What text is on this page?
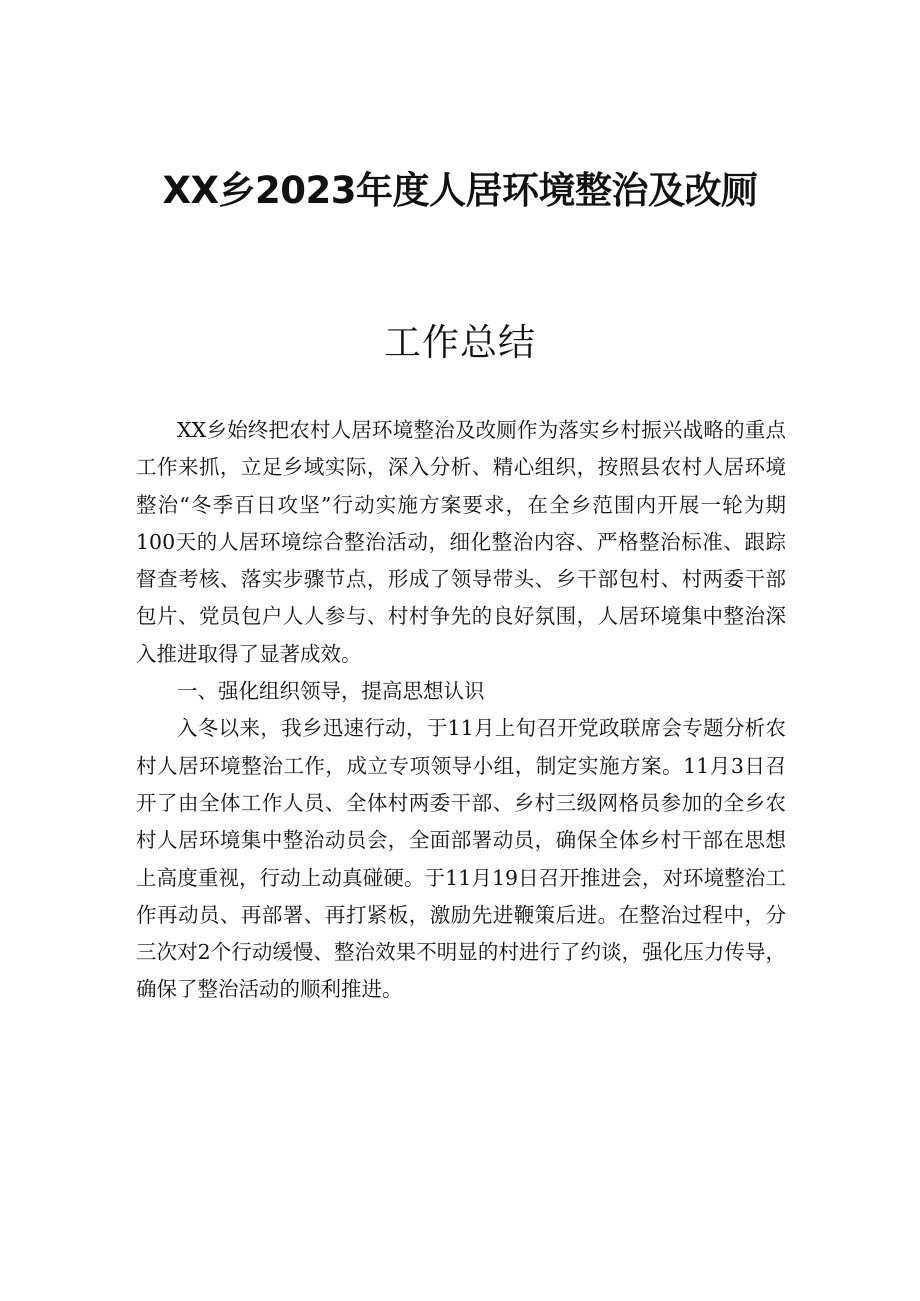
XX乡2023年度人居环境整治及改厕
工作总结

XX乡始终把农村人居环境整治及改厕作为落实乡村振兴战略的重点工作来抓，立足乡域实际，深入分析、精心组织，按照县农村人居环境整治“冬季百日攻坚”行动实施方案要求，在全乡范围内开展一轮为期100天的人居环境综合整治活动，细化整治内容、严格整治标准、跟踪督查考核、落实步骤节点，形成了领导带头、乡干部包村、村两委干部包片、党员包户人人参与、村村争先的良好氛围，人居环境集中整治深入推进取得了显著成效。

一、强化组织领导，提高思想认识

入冬以来，我乡迅速行动，于11月上旬召开党政联席会专题分析农村人居环境整治工作，成立专项领导小组，制定实施方案。11月3日召开了由全体工作人员、全体村两委干部、乡村三级网格员参加的全乡农村人居环境集中整治动员会，全面部署动员，确保全体乡村干部在思想上高度重视，行动上动真碰硬。于11月19日召开推进会，对环境整治工作再动员、再部署、再打紧板，激励先进鞭策后进。在整治过程中，分三次对2个行动缓慢、整治效果不明显的村进行了约谈，强化压力传导，确保了整治活动的顺利推进。
